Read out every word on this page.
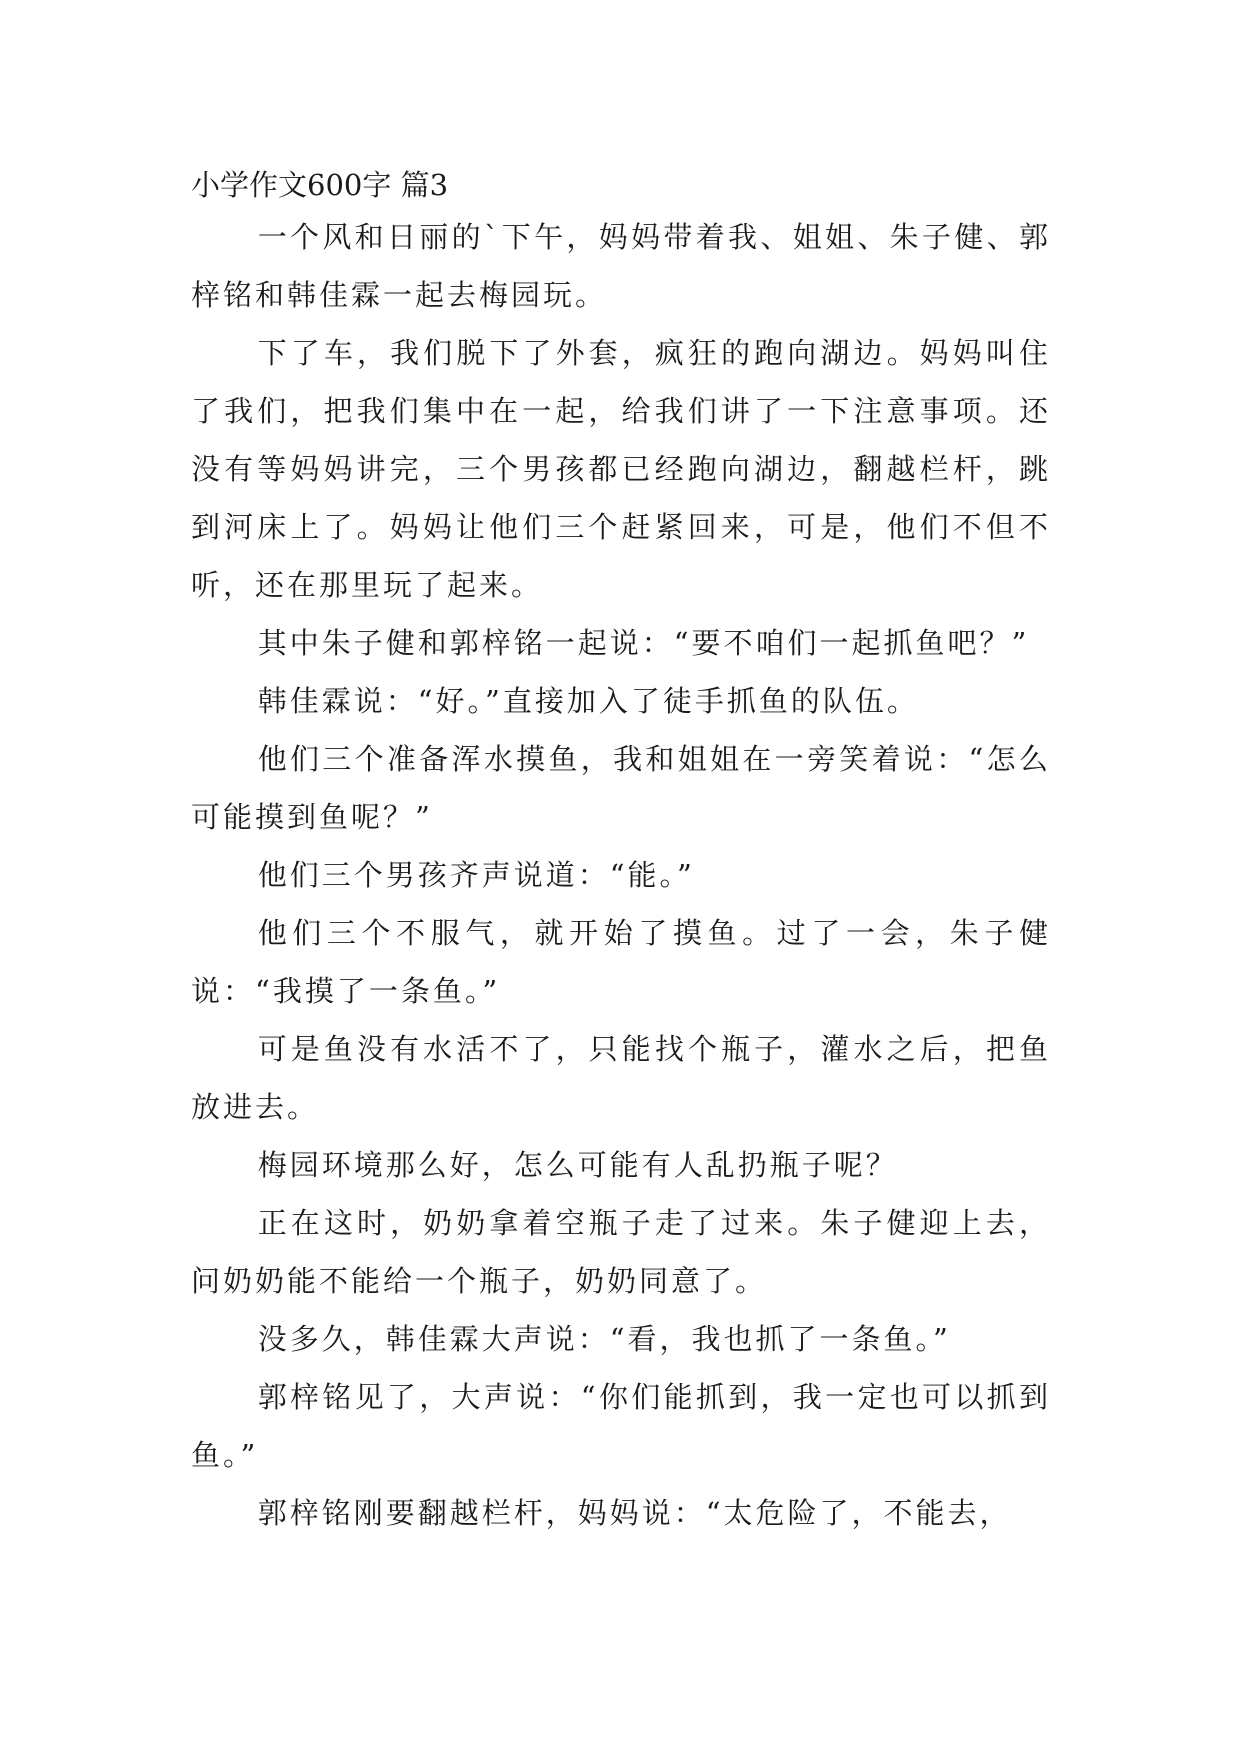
小学作文600字 篇3

一个风和日丽的`下午，妈妈带着我、姐姐、朱子健、郭梓铭和韩佳霖一起去梅园玩。

下了车，我们脱下了外套，疯狂的跑向湖边。妈妈叫住了我们，把我们集中在一起，给我们讲了一下注意事项。还没有等妈妈讲完，三个男孩都已经跑向湖边，翻越栏杆，跳到河床上了。妈妈让他们三个赶紧回来，可是，他们不但不听，还在那里玩了起来。

其中朱子健和郭梓铭一起说：“要不咱们一起抓鱼吧？”

韩佳霖说：“好。”直接加入了徒手抓鱼的队伍。

他们三个准备浑水摸鱼，我和姐姐在一旁笑着说：“怎么可能摸到鱼呢？”

他们三个男孩齐声说道：“能。”

他们三个不服气，就开始了摸鱼。过了一会，朱子健说：“我摸了一条鱼。”

可是鱼没有水活不了，只能找个瓶子，灌水之后，把鱼放进去。

梅园环境那么好，怎么可能有人乱扔瓶子呢？

正在这时，奶奶拿着空瓶子走了过来。朱子健迎上去，问奶奶能不能给一个瓶子，奶奶同意了。

没多久，韩佳霖大声说：“看，我也抓了一条鱼。”

郭梓铭见了，大声说：“你们能抓到，我一定也可以抓到鱼。”

郭梓铭刚要翻越栏杆，妈妈说：“太危险了，不能去，
